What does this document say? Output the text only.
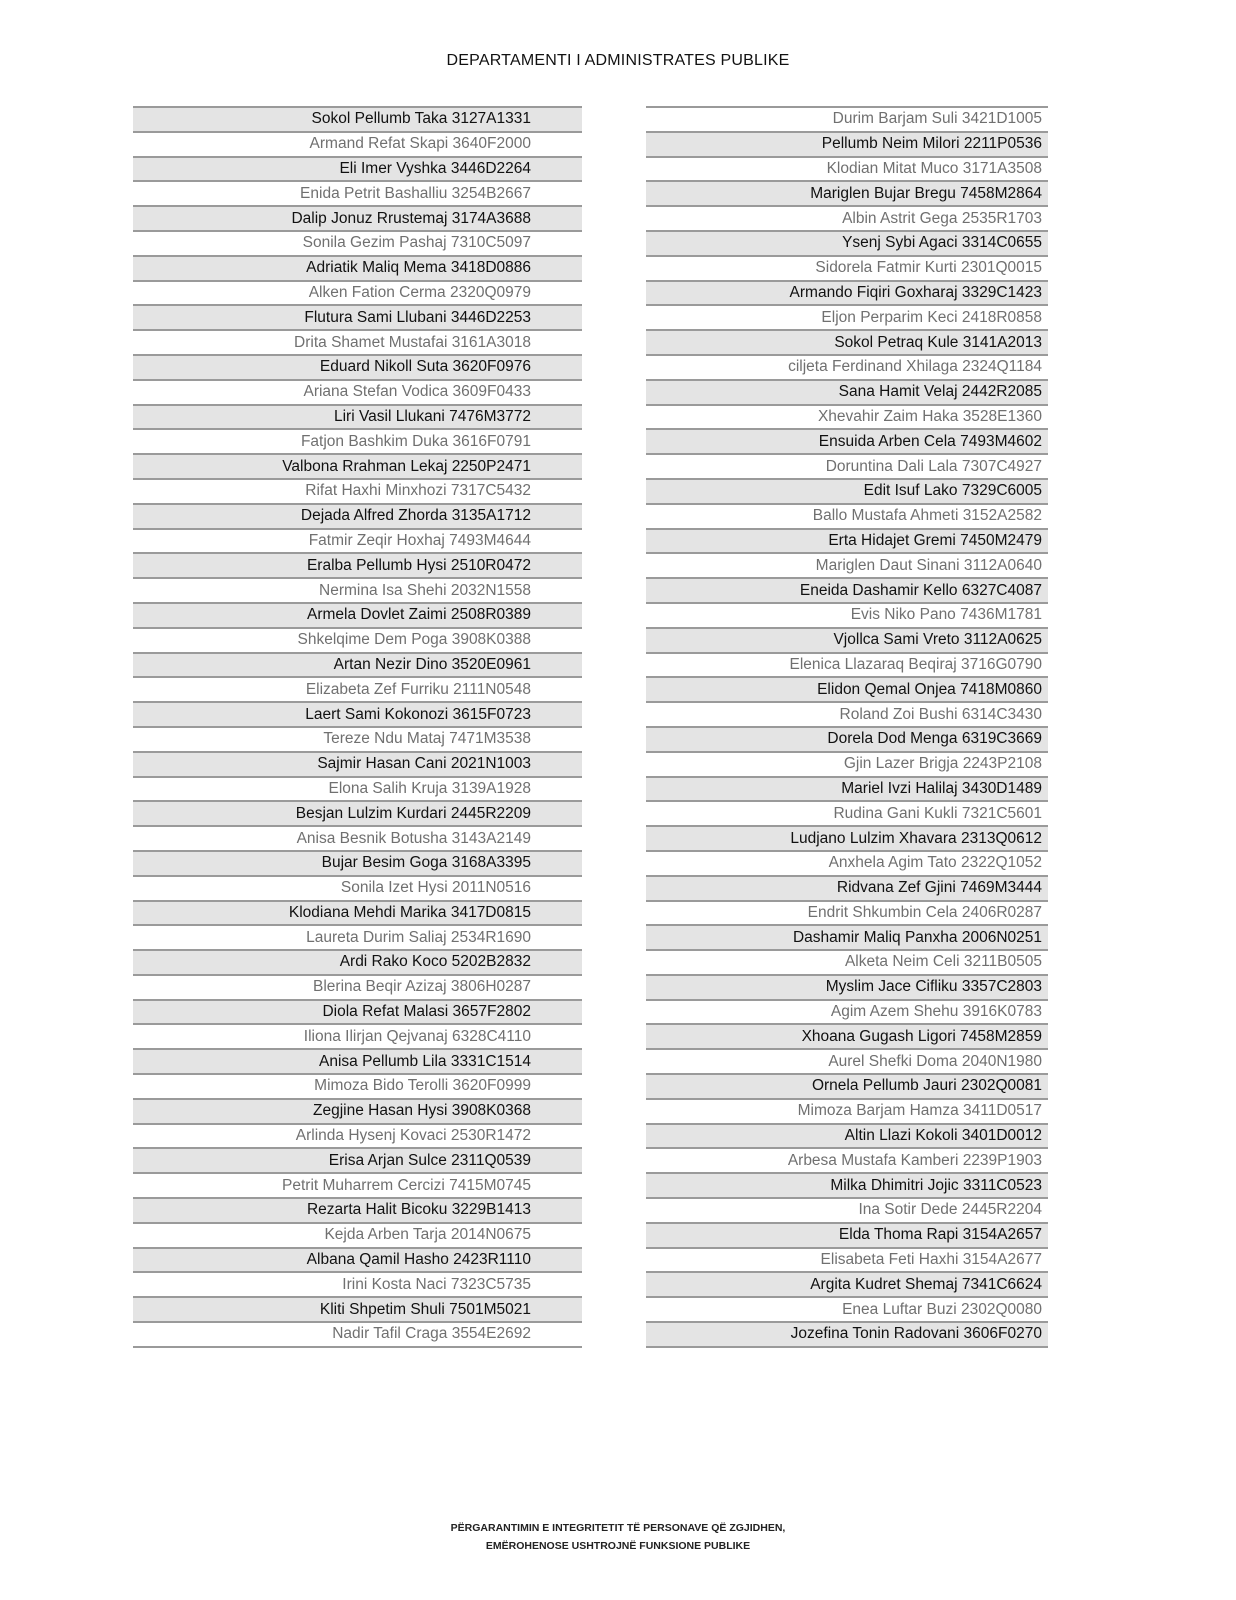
DEPARTAMENTI I ADMINISTRATES PUBLIKE
Sokol Pellumb Taka 3127A1331
Armand Refat Skapi 3640F2000
Eli Imer Vyshka 3446D2264
Enida Petrit Bashalliu 3254B2667
Dalip Jonuz Rrustemaj 3174A3688
Sonila Gezim Pashaj 7310C5097
Adriatik Maliq Mema 3418D0886
Alken Fation Cerma 2320Q0979
Flutura Sami Llubani 3446D2253
Drita Shamet Mustafai 3161A3018
Eduard Nikoll Suta 3620F0976
Ariana Stefan Vodica 3609F0433
Liri Vasil Llukani 7476M3772
Fatjon Bashkim Duka 3616F0791
Valbona Rrahman Lekaj 2250P2471
Rifat Haxhi Minxhozi 7317C5432
Dejada Alfred Zhorda 3135A1712
Fatmir Zeqir Hoxhaj 7493M4644
Eralba Pellumb Hysi 2510R0472
Nermina Isa Shehi 2032N1558
Armela Dovlet Zaimi 2508R0389
Shkelqime Dem Poga 3908K0388
Artan Nezir Dino 3520E0961
Elizabeta Zef Furriku 2111N0548
Laert Sami Kokonozi 3615F0723
Tereze Ndu Mataj 7471M3538
Sajmir Hasan Cani 2021N1003
Elona Salih Kruja 3139A1928
Besjan Lulzim Kurdari 2445R2209
Anisa Besnik Botusha 3143A2149
Bujar Besim Goga 3168A3395
Sonila Izet Hysi 2011N0516
Klodiana Mehdi Marika 3417D0815
Laureta Durim Saliaj 2534R1690
Ardi Rako Koco 5202B2832
Blerina Beqir Azizaj 3806H0287
Diola Refat Malasi 3657F2802
Iliona Ilirjan Qejvanaj 6328C4110
Anisa Pellumb Lila 3331C1514
Mimoza Bido Terolli 3620F0999
Zegjine Hasan Hysi 3908K0368
Arlinda Hysenj Kovaci 2530R1472
Erisa Arjan Sulce 2311Q0539
Petrit Muharrem Cercizi 7415M0745
Rezarta Halit Bicoku 3229B1413
Kejda Arben Tarja 2014N0675
Albana Qamil Hasho 2423R1110
Irini Kosta Naci 7323C5735
Kliti Shpetim Shuli 7501M5021
Nadir Tafil Craga 3554E2692
Durim Barjam Suli 3421D1005
Pellumb Neim Milori 2211P0536
Klodian Mitat Muco 3171A3508
Mariglen Bujar Bregu 7458M2864
Albin Astrit Gega 2535R1703
Ysenj Sybi Agaci 3314C0655
Sidorela Fatmir Kurti 2301Q0015
Armando Fiqiri Goxharaj 3329C1423
Eljon Perparim Keci 2418R0858
Sokol Petraq Kule 3141A2013
ciljeta Ferdinand Xhilaga 2324Q1184
Sana Hamit Velaj 2442R2085
Xhevahir Zaim Haka 3528E1360
Ensuida Arben Cela 7493M4602
Doruntina Dali Lala 7307C4927
Edit Isuf Lako 7329C6005
Ballo Mustafa Ahmeti 3152A2582
Erta Hidajet Gremi 7450M2479
Mariglen Daut Sinani 3112A0640
Eneida Dashamir Kello 6327C4087
Evis Niko Pano 7436M1781
Vjollca Sami Vreto 3112A0625
Elenica Llazaraq Beqiraj 3716G0790
Elidon Qemal Onjea 7418M0860
Roland Zoi Bushi 6314C3430
Dorela Dod Menga 6319C3669
Gjin Lazer Brigja 2243P2108
Mariel Ivzi Halilaj 3430D1489
Rudina Gani Kukli 7321C5601
Ludjano Lulzim Xhavara 2313Q0612
Anxhela Agim Tato 2322Q1052
Ridvana Zef Gjini 7469M3444
Endrit Shkumbin Cela 2406R0287
Dashamir Maliq Panxha 2006N0251
Alketa Neim Celi 3211B0505
Myslim Jace Cifliku 3357C2803
Agim Azem Shehu 3916K0783
Xhoana Gugash Ligori 7458M2859
Aurel Shefki Doma 2040N1980
Ornela Pellumb Jauri 2302Q0081
Mimoza Barjam Hamza 3411D0517
Altin Llazi Kokoli 3401D0012
Arbesa Mustafa Kamberi 2239P1903
Milka Dhimitri Jojic 3311C0523
Ina Sotir Dede 2445R2204
Elda Thoma Rapi 3154A2657
Elisabeta Feti Haxhi 3154A2677
Argita Kudret Shemaj 7341C6624
Enea Luftar Buzi 2302Q0080
Jozefina Tonin Radovani 3606F0270
PËRGARANTIMIN E INTEGRITETIT TË PERSONAVE QË ZGJIDHEN,
EMËROHENOSE USHTROJNË FUNKSIONE PUBLIKE
